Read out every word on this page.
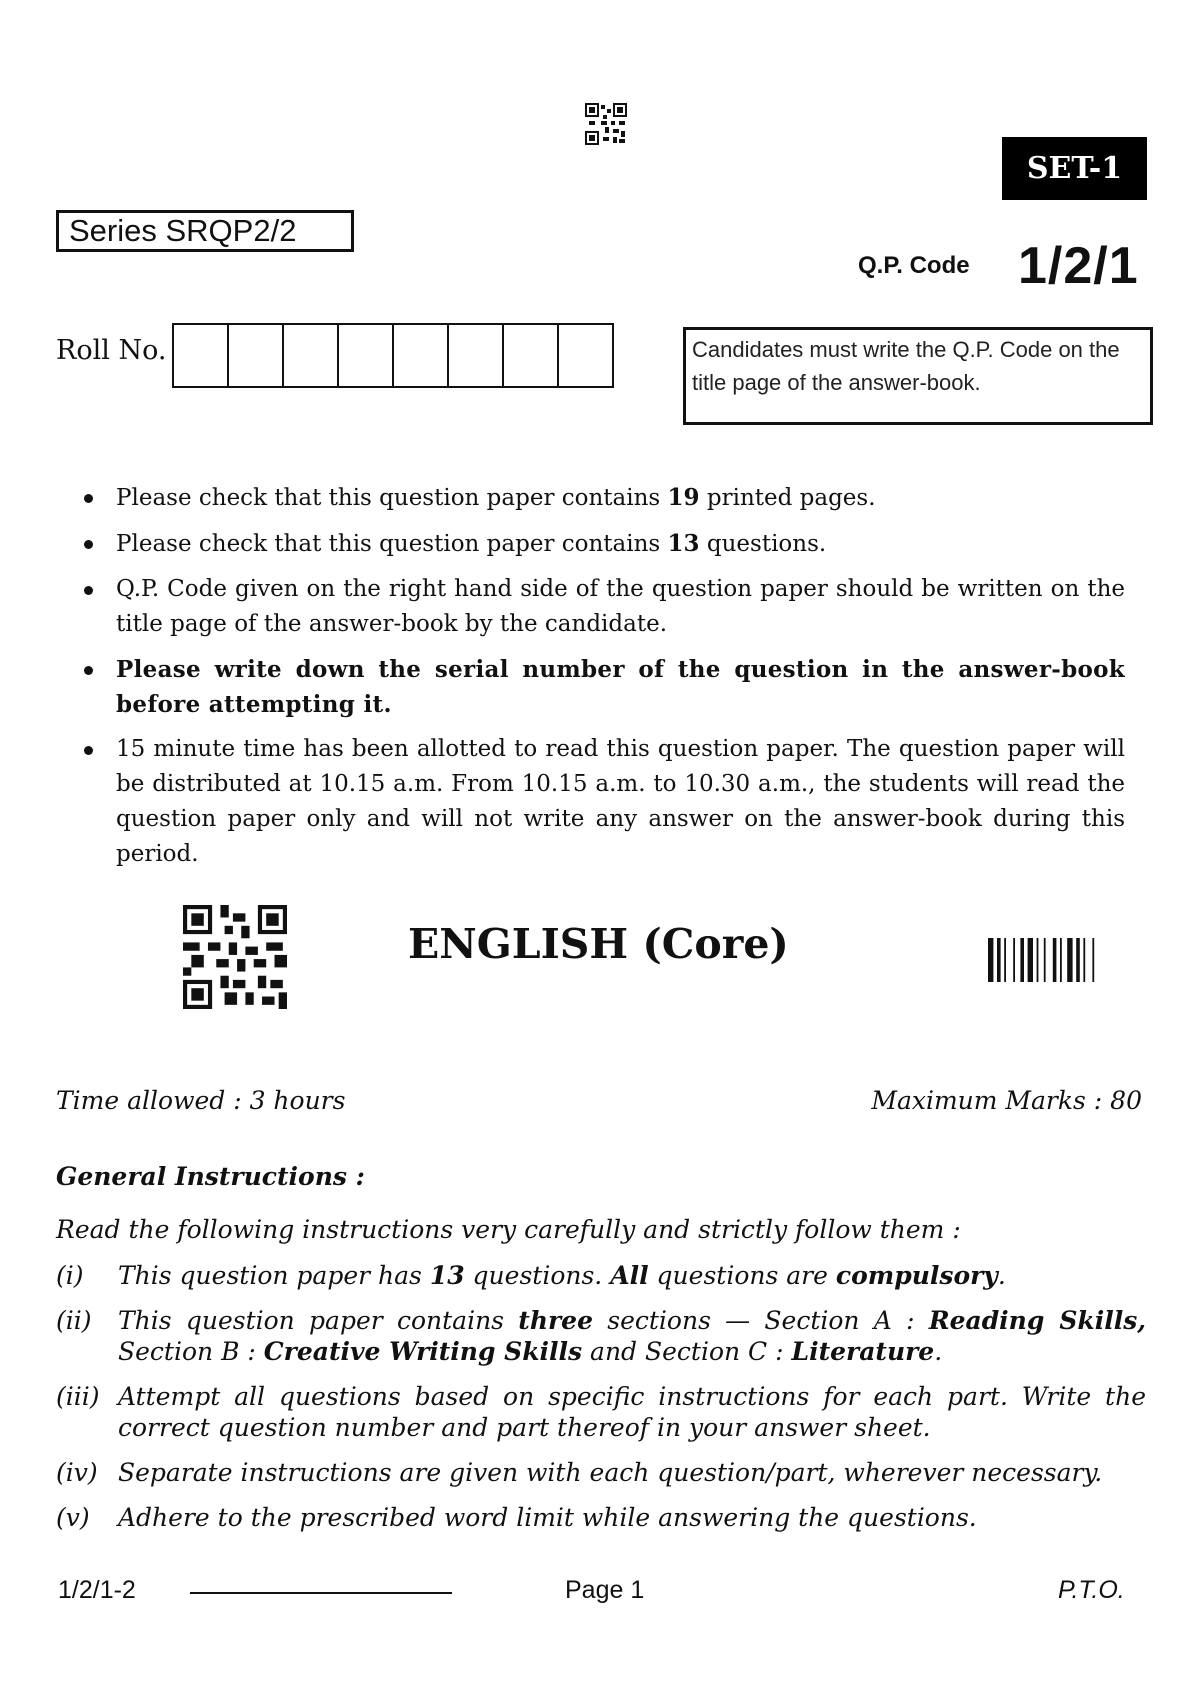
SET-1
Series SRQP2/2
Q.P. Code 1/2/1
Roll No.	Candidates must write the Q.P. Code on the title page of the answer-book.
Please check that this question paper contains 19 printed pages.
Please check that this question paper contains 13 questions.
Q.P. Code given on the right hand side of the question paper should be written on the title page of the answer-book by the candidate.
Please write down the serial number of the question in the answer-book before attempting it.
15 minute time has been allotted to read this question paper. The question paper will be distributed at 10.15 a.m. From 10.15 a.m. to 10.30 a.m., the students will read the question paper only and will not write any answer on the answer-book during this period.
ENGLISH (Core)
Time allowed : 3 hours	Maximum Marks : 80
General Instructions :
Read the following instructions very carefully and strictly follow them :
(i)	This question paper has 13 questions. All questions are compulsory.
(ii)	This question paper contains three sections — Section A : Reading Skills, Section B : Creative Writing Skills and Section C : Literature.
(iii) Attempt all questions based on specific instructions for each part. Write the correct question number and part thereof in your answer sheet.
(iv) Separate instructions are given with each question/part, wherever necessary.
(v)	Adhere to the prescribed word limit while answering the questions.
1/2/1-2	Page 1	P.T.O.
